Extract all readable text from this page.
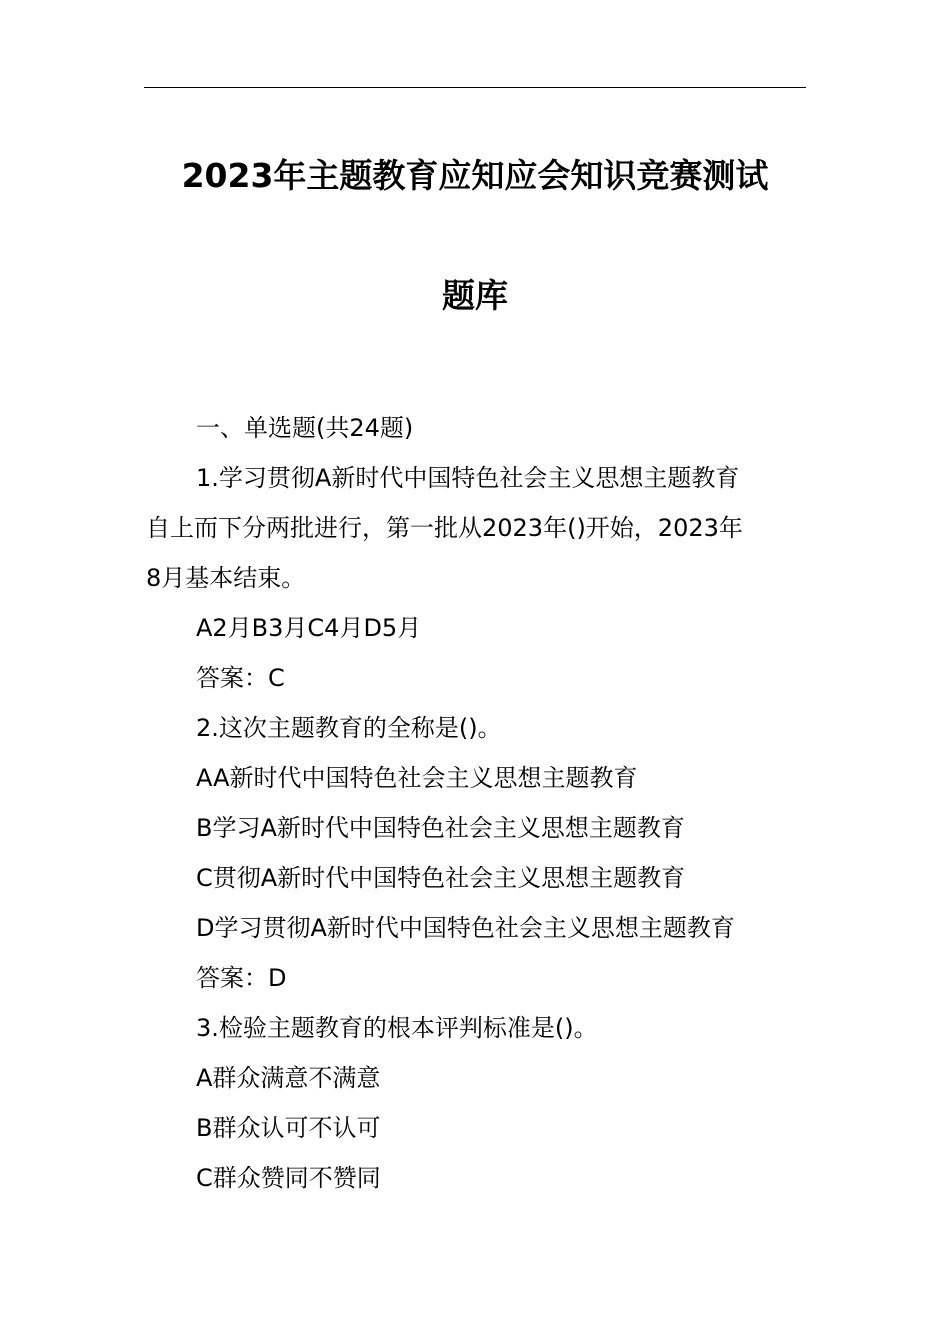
2023年主题教育应知应会知识竞赛测试
题库
一、单选题(共24题)
1.学习贯彻A新时代中国特色社会主义思想主题教育
自上而下分两批进行，第一批从2023年()开始，2023年
8月基本结束。
A2月B3月C4月D5月
答案：C
2.这次主题教育的全称是()。
AA新时代中国特色社会主义思想主题教育
B学习A新时代中国特色社会主义思想主题教育
C贯彻A新时代中国特色社会主义思想主题教育
D学习贯彻A新时代中国特色社会主义思想主题教育
答案：D
3.检验主题教育的根本评判标准是()。
A群众满意不满意
B群众认可不认可
C群众赞同不赞同
